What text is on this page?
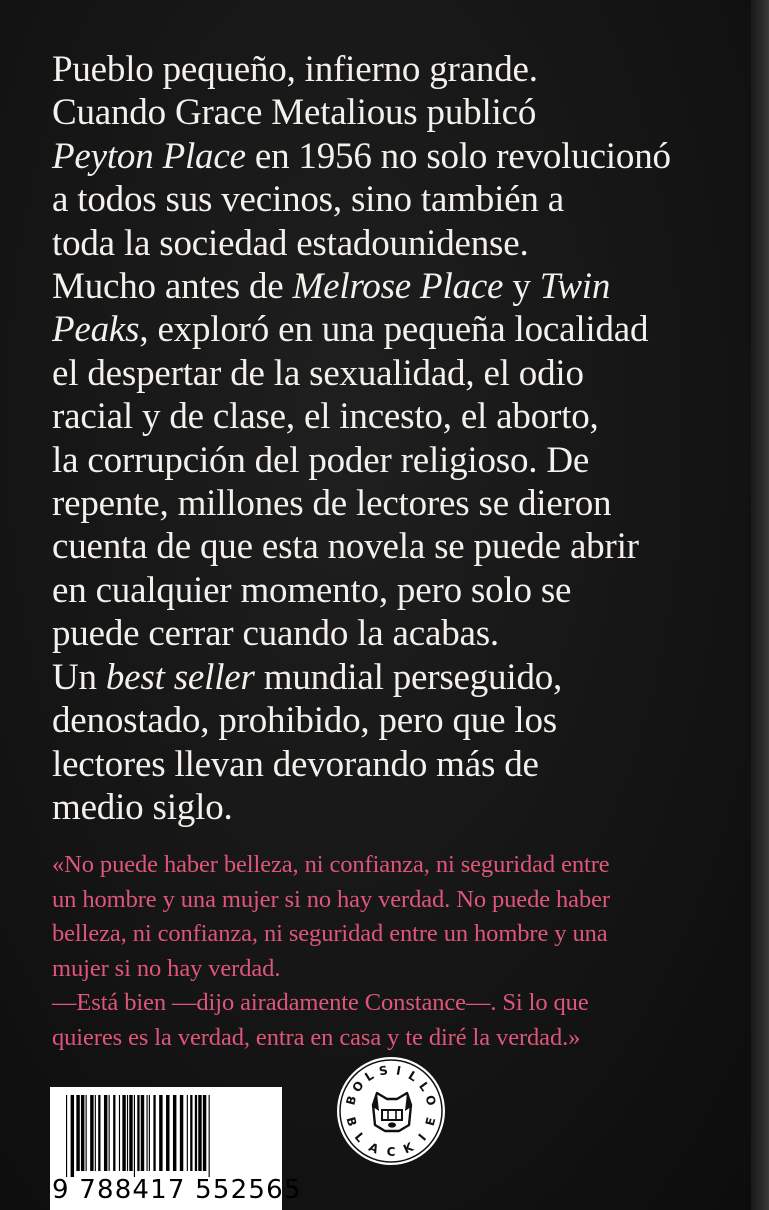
Pueblo pequeño, infierno grande.
Cuando Grace Metalious publicó
Peyton Place en 1956 no solo revolucionó
a todos sus vecinos, sino también a
toda la sociedad estadounidense.
Mucho antes de Melrose Place y Twin
Peaks, exploró en una pequeña localidad
el despertar de la sexualidad, el odio
racial y de clase, el incesto, el aborto,
la corrupción del poder religioso. De
repente, millones de lectores se dieron
cuenta de que esta novela se puede abrir
en cualquier momento, pero solo se
puede cerrar cuando la acabas.
Un best seller mundial perseguido,
denostado, prohibido, pero que los
lectores llevan devorando más de
medio siglo.
«No puede haber belleza, ni confianza, ni seguridad entre
un hombre y una mujer si no hay verdad. No puede haber
belleza, ni confianza, ni seguridad entre un hombre y una
mujer si no hay verdad.
—Está bien —dijo airadamente Constance—. Si lo que
quieres es la verdad, entra en casa y te diré la verdad.»
9 788417 552565
B
O
L S I L
L
O
B
L
A C K
I
E
